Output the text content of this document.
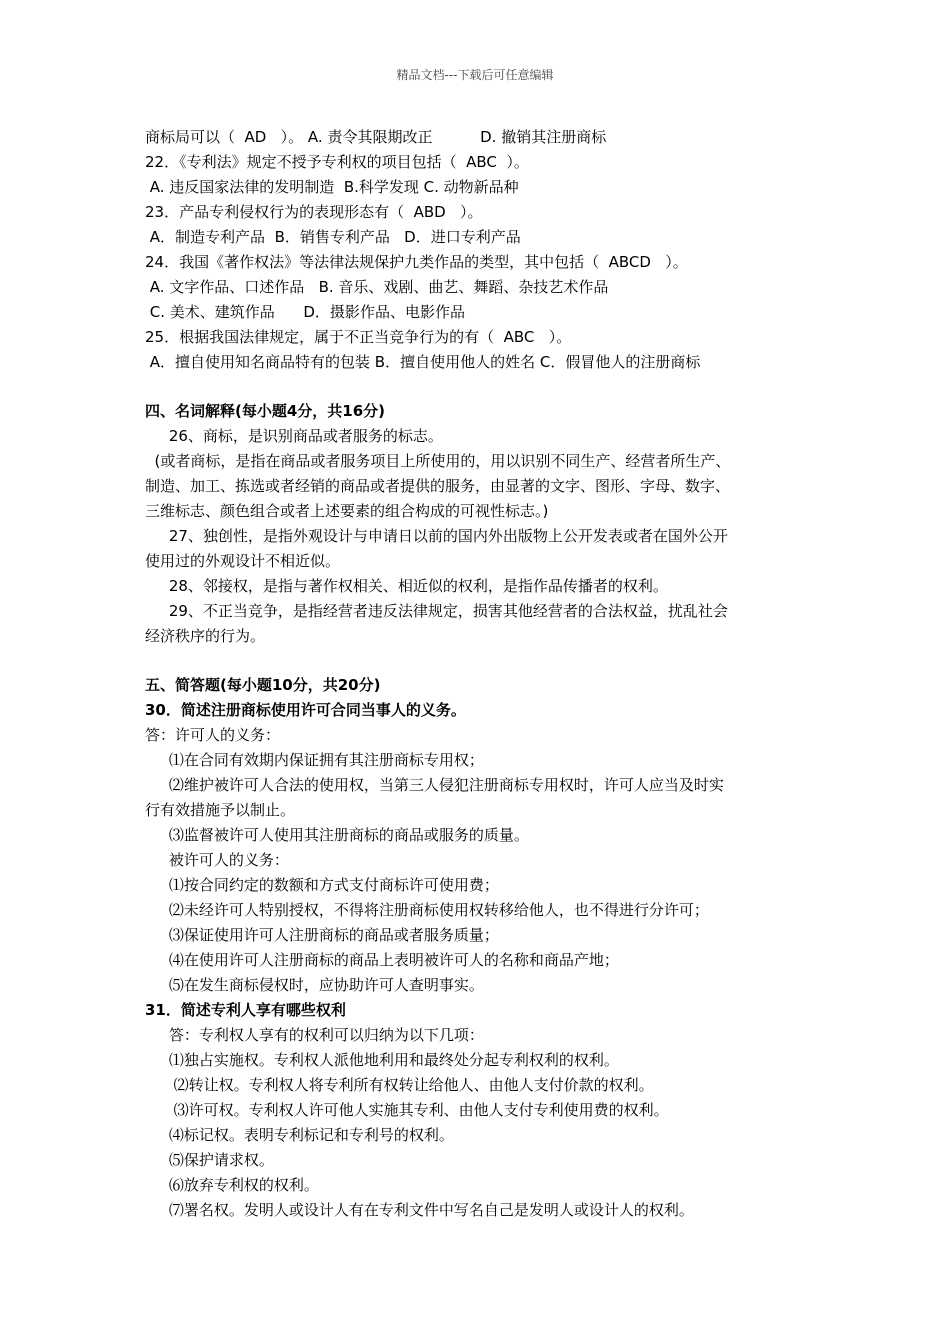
精品文档---下载后可任意编辑
商标局可以（  AD   ）。 A. 责令其限期改正          D. 撤销其注册商标
22．《专利法》规定不授予专利权的项目包括（  ABC  ）。
A. 违反国家法律的发明制造  B.科学发现 C. 动物新品种
23．产品专利侵权行为的表现形态有（  ABD   ）。
A．制造专利产品  B．销售专利产品   D．进口专利产品
24．我国《著作权法》等法律法规保护九类作品的类型，其中包括（  ABCD   ）。
A. 文字作品、口述作品   B. 音乐、戏剧、曲艺、舞蹈、杂技艺术作品
C. 美术、建筑作品      D．摄影作品、电影作品
25．根据我国法律规定，属于不正当竞争行为的有（  ABC   ）。
A．擅自使用知名商品特有的包装 B．擅自使用他人的姓名 C．假冒他人的注册商标
四、名词解释(每小题4分，共16分)
26、商标，是识别商品或者服务的标志。
(或者商标，是指在商品或者服务项目上所使用的，用以识别不同生产、经营者所生产、
制造、加工、拣选或者经销的商品或者提供的服务，由显著的文字、图形、字母、数字、
三维标志、颜色组合或者上述要素的组合构成的可视性标志。)
27、独创性，是指外观设计与申请日以前的国内外出版物上公开发表或者在国外公开
使用过的外观设计不相近似。
28、邻接权，是指与著作权相关、相近似的权利，是指作品传播者的权利。
29、不正当竞争，是指经营者违反法律规定，损害其他经营者的合法权益，扰乱社会
经济秩序的行为。
五、简答题(每小题10分，共20分)
30．简述注册商标使用许可合同当事人的义务。
答：许可人的义务：
⑴在合同有效期内保证拥有其注册商标专用权；
⑵维护被许可人合法的使用权，当第三人侵犯注册商标专用权时，许可人应当及时实
行有效措施予以制止。
⑶监督被许可人使用其注册商标的商品或服务的质量。
被许可人的义务：
⑴按合同约定的数额和方式支付商标许可使用费；
⑵未经许可人特别授权，不得将注册商标使用权转移给他人，也不得进行分许可；
⑶保证使用许可人注册商标的商品或者服务质量；
⑷在使用许可人注册商标的商品上表明被许可人的名称和商品产地；
⑸在发生商标侵权时，应协助许可人查明事实。
31．简述专利人享有哪些权利
答：专利权人享有的权利可以归纳为以下几项：
⑴独占实施权。专利权人派他地利用和最终处分起专利权利的权利。
⑵转让权。专利权人将专利所有权转让给他人、由他人支付价款的权利。
⑶许可权。专利权人许可他人实施其专利、由他人支付专利使用费的权利。
⑷标记权。表明专利标记和专利号的权利。
⑸保护请求权。
⑹放弃专利权的权利。
⑺署名权。发明人或设计人有在专利文件中写名自己是发明人或设计人的权利。
